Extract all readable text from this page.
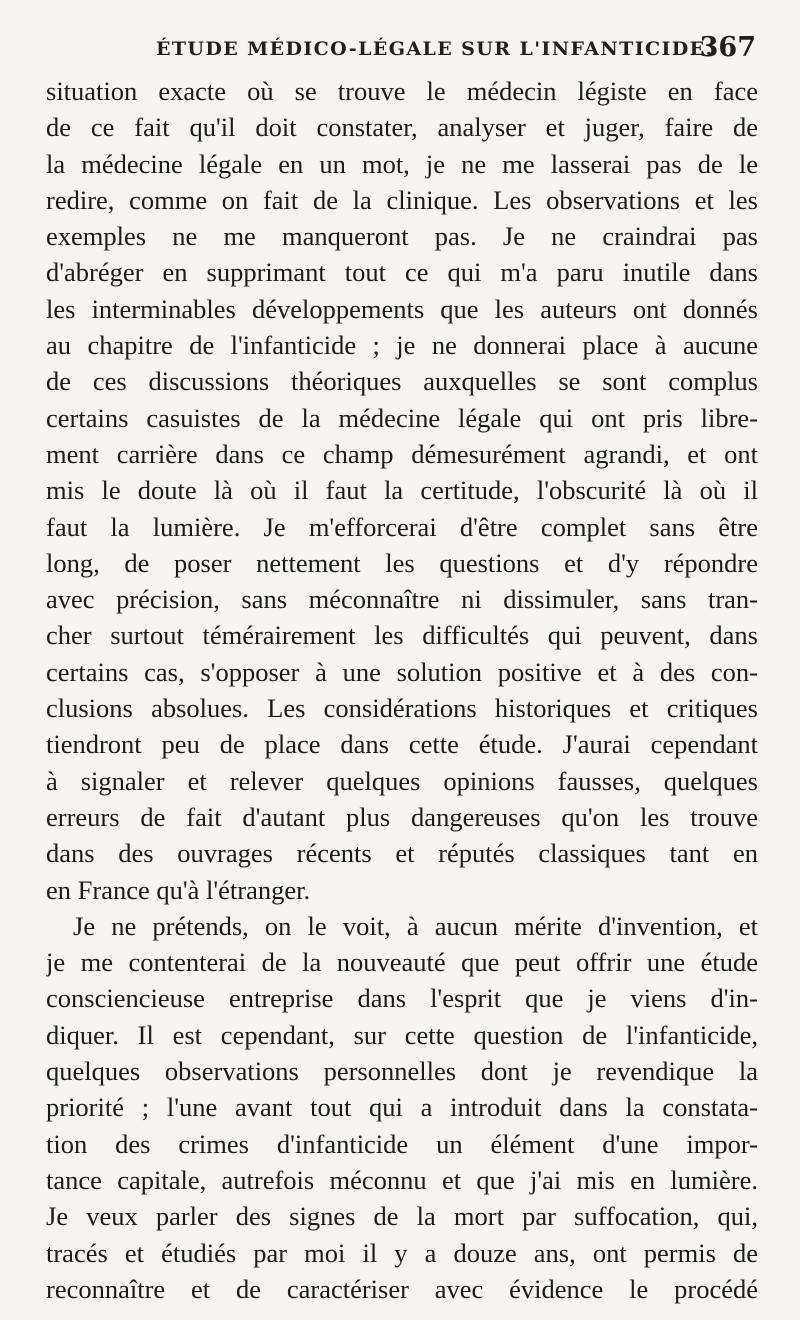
ÉTUDE MÉDICO-LÉGALE SUR L'INFANTICIDE.
367
situation exacte où se trouve le médecin légiste en face
de ce fait qu'il doit constater, analyser et juger, faire de
la médecine légale en un mot, je ne me lasserai pas de le
redire, comme on fait de la clinique. Les observations et les
exemples ne me manqueront pas. Je ne craindrai pas
d'abréger en supprimant tout ce qui m'a paru inutile dans
les interminables développements que les auteurs ont donnés
au chapitre de l'infanticide ; je ne donnerai place à aucune
de ces discussions théoriques auxquelles se sont complus
certains casuistes de la médecine légale qui ont pris libre-
ment carrière dans ce champ démesurément agrandi, et ont
mis le doute là où il faut la certitude, l'obscurité là où il
faut la lumière. Je m'efforcerai d'être complet sans être
long, de poser nettement les questions et d'y répondre
avec précision, sans méconnaître ni dissimuler, sans tran-
cher surtout témérairement les difficultés qui peuvent, dans
certains cas, s'opposer à une solution positive et à des con-
clusions absolues. Les considérations historiques et critiques
tiendront peu de place dans cette étude. J'aurai cependant
à signaler et relever quelques opinions fausses, quelques
erreurs de fait d'autant plus dangereuses qu'on les trouve
dans des ouvrages récents et réputés classiques tant en
en France qu'à l'étranger.
Je ne prétends, on le voit, à aucun mérite d'invention, et
je me contenterai de la nouveauté que peut offrir une étude
consciencieuse entreprise dans l'esprit que je viens d'in-
diquer. Il est cependant, sur cette question de l'infanticide,
quelques observations personnelles dont je revendique la
priorité ; l'une avant tout qui a introduit dans la constata-
tion des crimes d'infanticide un élément d'une impor-
tance capitale, autrefois méconnu et que j'ai mis en lumière.
Je veux parler des signes de la mort par suffocation, qui,
tracés et étudiés par moi il y a douze ans, ont permis de
reconnaître et de caractériser avec évidence le procédé
